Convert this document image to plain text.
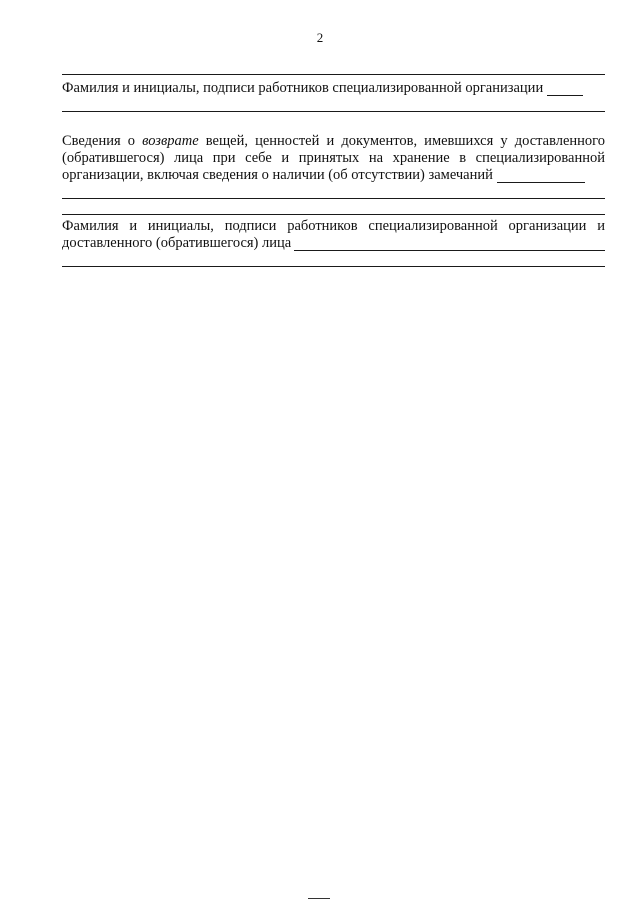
2
Фамилия и инициалы, подписи работников специализированной организации
Сведения о возврате вещей, ценностей и документов, имевшихся у доставленного
(обратившегося) лица при себе и принятых на хранение в специализированной
организации, включая сведения о наличии (об отсутствии) замечаний
Фамилия и инициалы, подписи работников специализированной организации и
доставленного (обратившегося) лица
